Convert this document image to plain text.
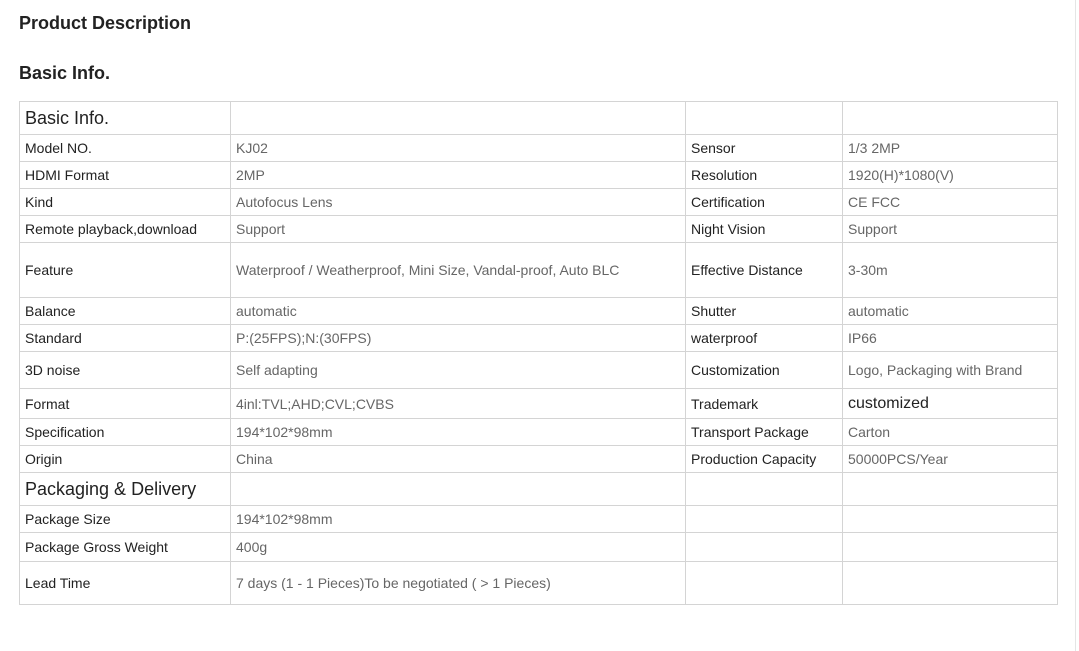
Product Description
Basic Info.
Basic Info.			
Model NO.	KJ02	Sensor	1/3 2MP
HDMI Format	2MP	Resolution	1920(H)*1080(V)
Kind	Autofocus Lens	Certification	CE FCC
Remote playback,download	Support	Night Vision	Support
Feature	Waterproof / Weatherproof, Mini Size, Vandal-proof, Auto BLC	Effective Distance	3-30m
Balance	automatic	Shutter	automatic
Standard	P:(25FPS);N:(30FPS)	waterproof	IP66
3D noise	Self adapting	Customization	Logo, Packaging with Brand
Format	4inl:TVL;AHD;CVL;CVBS	Trademark	customized
Specification	194*102*98mm	Transport Package	Carton
Origin	China	Production Capacity	50000PCS/Year
Packaging & Delivery			
Package Size	194*102*98mm		
Package Gross Weight	400g		
Lead Time	7 days (1 - 1 Pieces)To be negotiated ( > 1 Pieces)		
